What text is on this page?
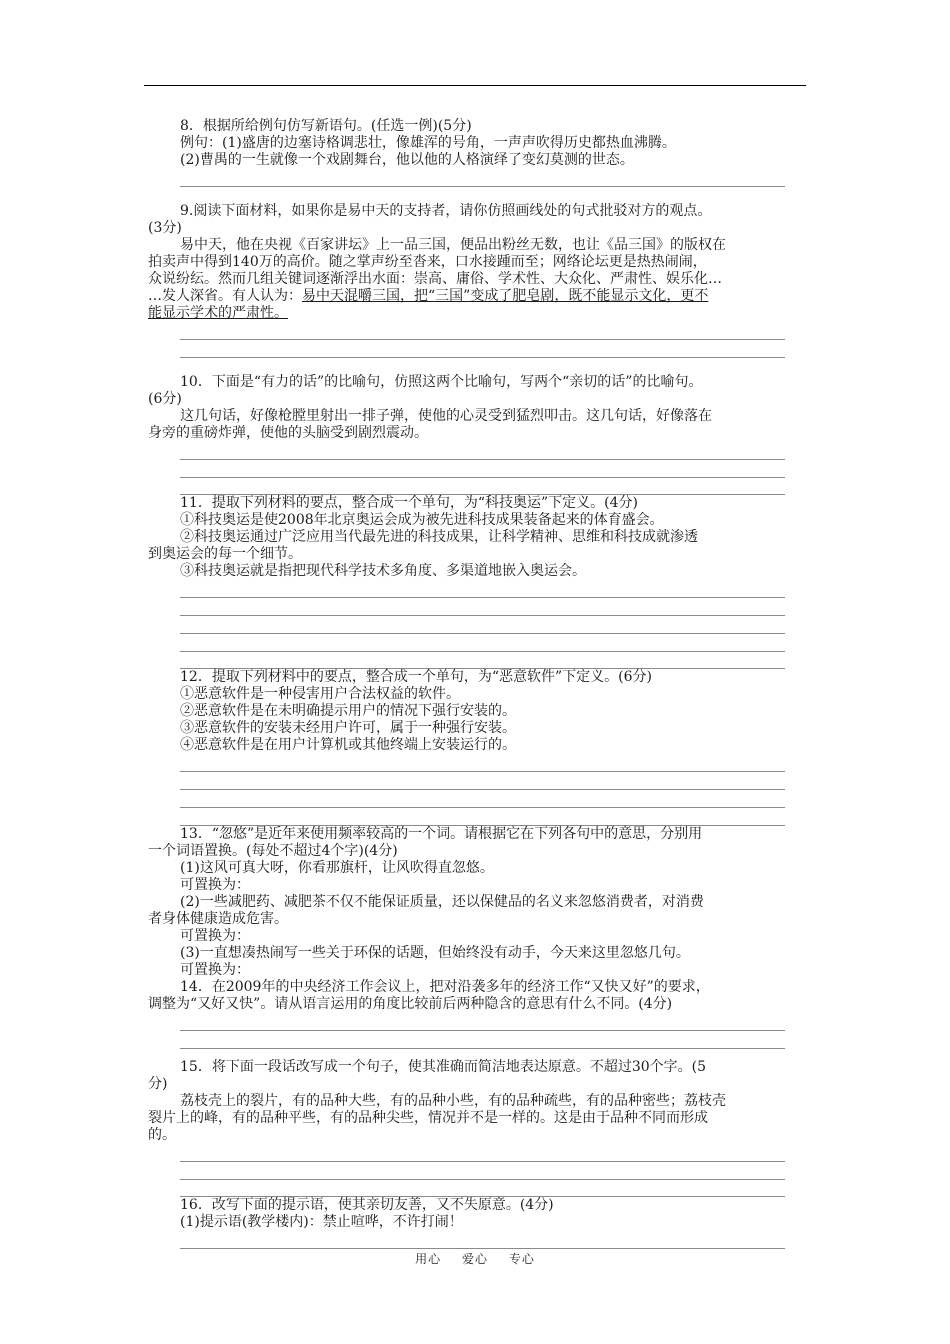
8．根据所给例句仿写新语句。(任选一例)(5分)

例句：(1)盛唐的边塞诗格调悲壮，像雄浑的号角，一声声吹得历史都热血沸腾。

(2)曹禺的一生就像一个戏剧舞台，他以他的人格演绎了变幻莫测的世态。

9.阅读下面材料，如果你是易中天的支持者，请你仿照画线处的句式批驳对方的观点。

(3分)

易中天，他在央视《百家讲坛》上一品三国，便品出粉丝无数，也让《品三国》的版权在

拍卖声中得到140万的高价。随之掌声纷至沓来，口水接踵而至；网络论坛更是热热闹闹，

众说纷纭。然而几组关键词逐渐浮出水面：崇高、庸俗、学术性、大众化、严肃性、娱乐化…

…发人深省。有人认为：易中天混嚼三国，把“三国”变成了肥皂剧，既不能显示文化，更不

能显示学术的严肃性。

10．下面是“有力的话”的比喻句，仿照这两个比喻句，写两个“亲切的话”的比喻句。

(6分)

这几句话，好像枪膛里射出一排子弹，使他的心灵受到猛烈叩击。这几句话，好像落在

身旁的重磅炸弹，使他的头脑受到剧烈震动。

11．提取下列材料的要点，整合成一个单句，为“科技奥运”下定义。(4分)

①科技奥运是使2008年北京奥运会成为被先进科技成果装备起来的体育盛会。

②科技奥运通过广泛应用当代最先进的科技成果，让科学精神、思维和科技成就渗透

到奥运会的每一个细节。

③科技奥运就是指把现代科学技术多角度、多渠道地嵌入奥运会。

12．提取下列材料中的要点，整合成一个单句，为“恶意软件”下定义。(6分)

①恶意软件是一种侵害用户合法权益的软件。

②恶意软件是在未明确提示用户的情况下强行安装的。

③恶意软件的安装未经用户许可，属于一种强行安装。

④恶意软件是在用户计算机或其他终端上安装运行的。

13．“忽悠”是近年来使用频率较高的一个词。请根据它在下列各句中的意思，分别用

一个词语置换。(每处不超过4个字)(4分)

(1)这风可真大呀，你看那旗杆，让风吹得直忽悠。

可置换为：

(2)一些减肥药、减肥茶不仅不能保证质量，还以保健品的名义来忽悠消费者，对消费

者身体健康造成危害。

可置换为：

(3)一直想凑热闹写一些关于环保的话题，但始终没有动手，今天来这里忽悠几句。

可置换为：

14．在2009年的中央经济工作会议上，把对沿袭多年的经济工作“又快又好”的要求，

调整为“又好又快”。请从语言运用的角度比较前后两种隐含的意思有什么不同。(4分)

15．将下面一段话改写成一个句子，使其准确而简洁地表达原意。不超过30个字。(5

分)

荔枝壳上的裂片，有的品种大些，有的品种小些，有的品种疏些，有的品种密些；荔枝壳

裂片上的峰，有的品种平些，有的品种尖些，情况并不是一样的。这是由于品种不同而形成

的。

16．改写下面的提示语，使其亲切友善，又不失原意。(4分)

(1)提示语(教学楼内)：禁止喧哗，不许打闹！

用心 爱心 专心
